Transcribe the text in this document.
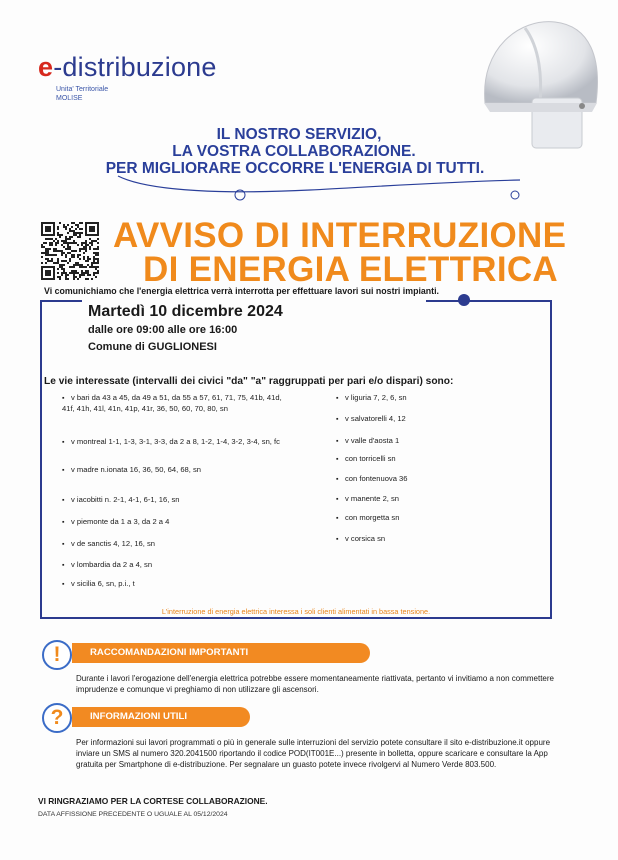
e-distribuzione
Unita' Territoriale
MOLISE
IL NOSTRO SERVIZIO,
LA VOSTRA COLLABORAZIONE.
PER MIGLIORARE OCCORRE L'ENERGIA DI TUTTI.
AVVISO DI INTERRUZIONE
DI ENERGIA ELETTRICA
Vi comunichiamo che l'energia elettrica verrà interrotta per effettuare lavori sui nostri impianti.
Martedì 10 dicembre 2024
dalle ore 09:00 alle ore 16:00
Comune di GUGLIONESI
Le vie interessate (intervalli dei civici "da" "a" raggruppati per pari e/o dispari) sono:
▪ v bari da 43 a 45, da 49 a 51, da 55 a 57, 61, 71, 75, 41b, 41d, 41f, 41h, 41l, 41n, 41p, 41r, 36, 50, 60, 70, 80, sn
▪ v montreal 1-1, 1-3, 3-1, 3-3, da 2 a 8, 1-2, 1-4, 3-2, 3-4, sn, fc
▪ v madre n.ionata 16, 36, 50, 64, 68, sn
▪ v iacobitti n. 2-1, 4-1, 6-1, 16, sn
▪ v piemonte da 1 a 3, da 2 a 4
▪ v de sanctis 4, 12, 16, sn
▪ v lombardia da 2 a 4, sn
▪ v sicilia 6, sn, p.i., t
▪ v liguria 7, 2, 6, sn
▪ v salvatorelli 4, 12
▪ v valle d'aosta 1
▪ con torricelli sn
▪ con fontenuova 36
▪ v manente 2, sn
▪ con morgetta sn
▪ v corsica sn
L'interruzione di energia elettrica interessa i soli clienti alimentati in bassa tensione.
RACCOMANDAZIONI IMPORTANTI
!
Durante i lavori l'erogazione dell'energia elettrica potrebbe essere momentaneamente riattivata, pertanto vi invitiamo a non commettere imprudenze e comunque vi preghiamo di non utilizzare gli ascensori.
INFORMAZIONI UTILI
?
Per informazioni sui lavori programmati o più in generale sulle interruzioni del servizio potete consultare il sito e-distribuzione.it oppure inviare un SMS al numero 320.2041500 riportando il codice POD(IT001E...) presente in bolletta, oppure scaricare e consultare la App gratuita per Smartphone di e-distribuzione. Per segnalare un guasto potete invece rivolgervi al Numero Verde 803.500.
VI RINGRAZIAMO PER LA CORTESE COLLABORAZIONE.
DATA AFFISSIONE PRECEDENTE O UGUALE AL 05/12/2024
